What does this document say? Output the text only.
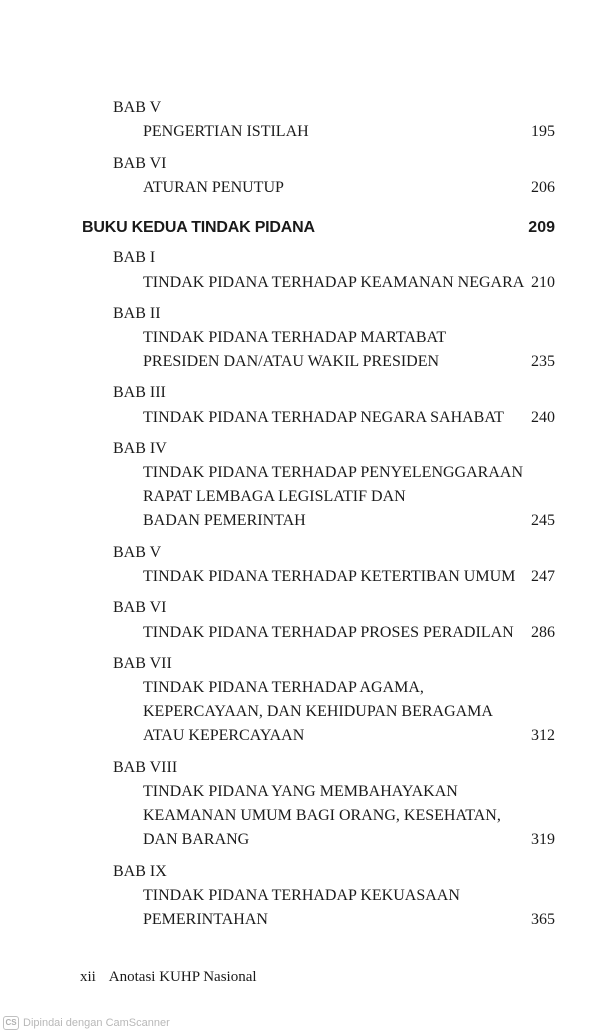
BAB V
PENGERTIAN ISTILAH	195
BAB VI
ATURAN PENUTUP	206
BUKU KEDUA TINDAK PIDANA	209
BAB I
TINDAK PIDANA TERHADAP KEAMANAN NEGARA 210
BAB II
TINDAK PIDANA TERHADAP MARTABAT
PRESIDEN DAN/ATAU WAKIL PRESIDEN	235
BAB III
TINDAK PIDANA TERHADAP NEGARA SAHABAT 240
BAB IV
TINDAK PIDANA TERHADAP PENYELENGGARAAN
RAPAT LEMBAGA LEGISLATIF DAN
BADAN PEMERINTAH	245
BAB V
TINDAK PIDANA TERHADAP KETERTIBAN UMUM 247
BAB VI
TINDAK PIDANA TERHADAP PROSES PERADILAN 286
BAB VII
TINDAK PIDANA TERHADAP AGAMA,
KEPERCAYAAN, DAN KEHIDUPAN BERAGAMA
ATAU KEPERCAYAAN	312
BAB VIII
TINDAK PIDANA YANG MEMBAHAYAKAN
KEAMANAN UMUM BAGI ORANG, KESEHATAN,
DAN BARANG	319
BAB IX
TINDAK PIDANA TERHADAP KEKUASAAN
PEMERINTAHAN	365
xii Anotasi KUHP Nasional
CS Dipindai dengan CamScanner
